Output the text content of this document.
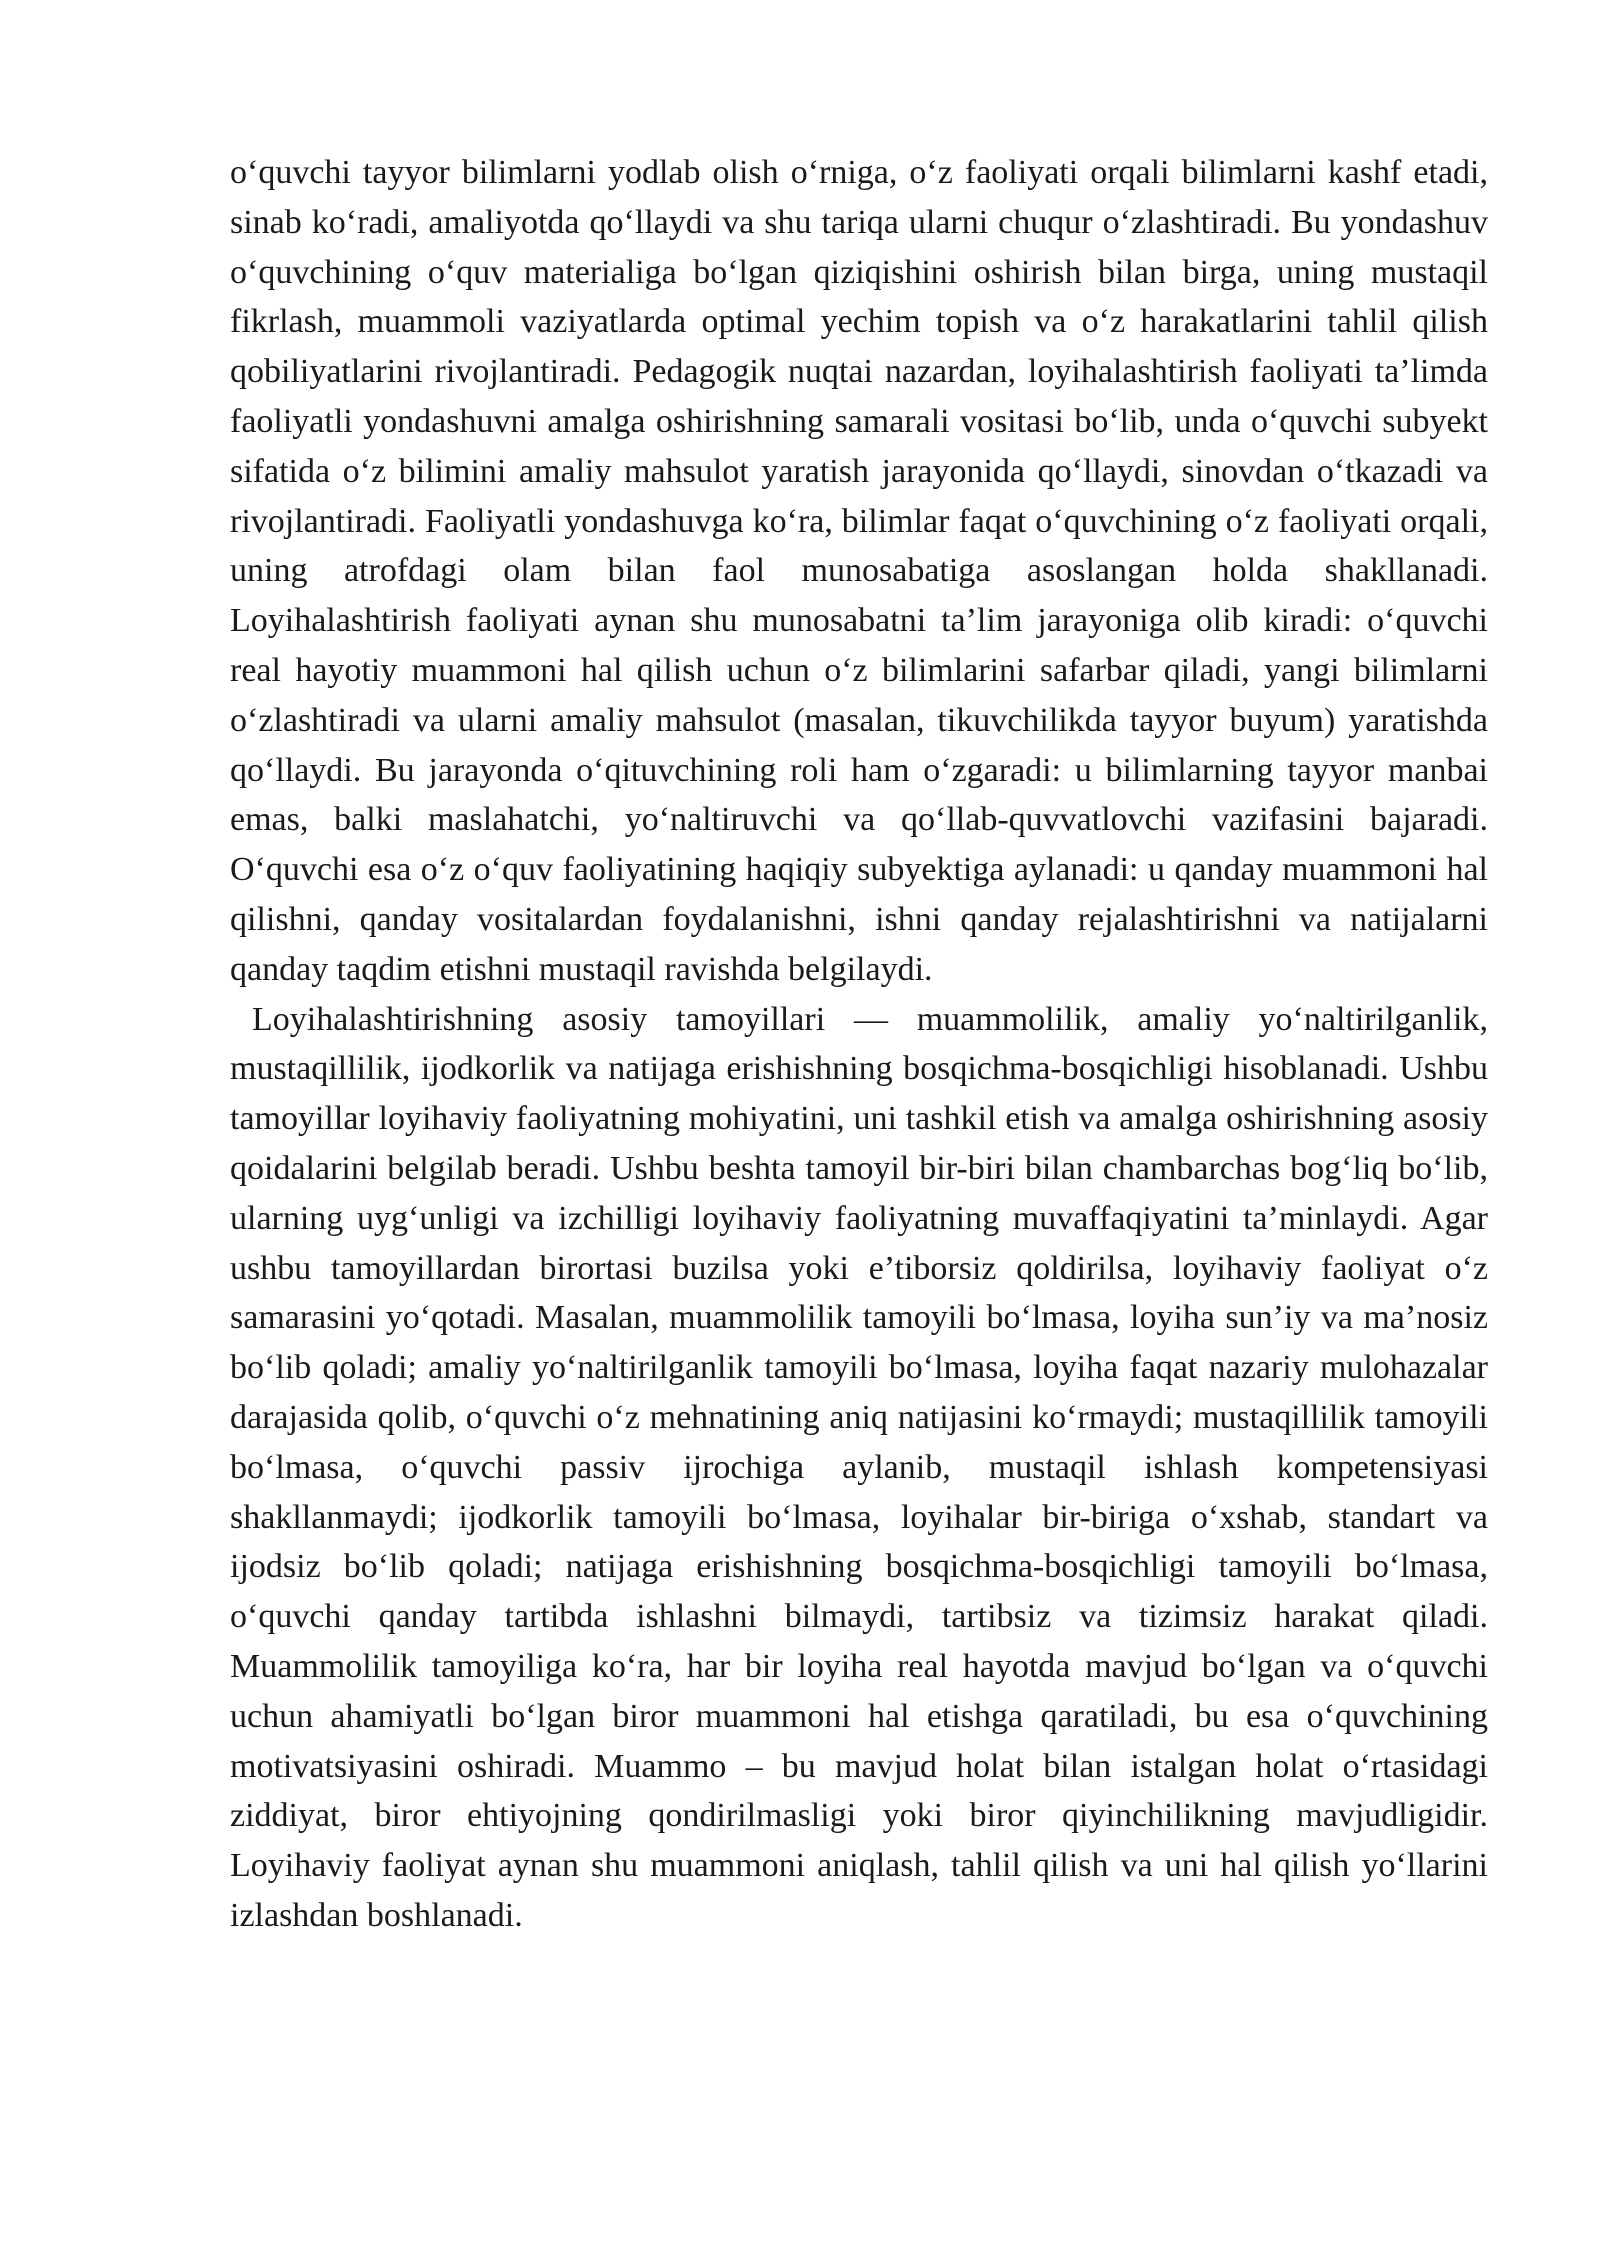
o‘quvchi tayyor bilimlarni yodlab olish o‘rniga, o‘z faoliyati orqali bilimlarni kashf etadi, sinab ko‘radi, amaliyotda qo‘llaydi va shu tariqa ularni chuqur o‘zlashtiradi. Bu yondashuv o‘quvchining o‘quv materialiga bo‘lgan qiziqishini oshirish bilan birga, uning mustaqil fikrlash, muammoli vaziyatlarda optimal yechim topish va o‘z harakatlarini tahlil qilish qobiliyatlarini rivojlantiradi. Pedagogik nuqtai nazardan, loyihalashtirish faoliyati ta’limda faoliyatli yondashuvni amalga oshirishning samarali vositasi bo‘lib, unda o‘quvchi subyekt sifatida o‘z bilimini amaliy mahsulot yaratish jarayonida qo‘llaydi, sinovdan o‘tkazadi va rivojlantiradi. Faoliyatli yondashuvga ko‘ra, bilimlar faqat o‘quvchining o‘z faoliyati orqali, uning atrofdagi olam bilan faol munosabatiga asoslangan holda shakllanadi. Loyihalashtirish faoliyati aynan shu munosabatni ta’lim jarayoniga olib kiradi: o‘quvchi real hayotiy muammoni hal qilish uchun o‘z bilimlarini safarbar qiladi, yangi bilimlarni o‘zlashtiradi va ularni amaliy mahsulot (masalan, tikuvchilikda tayyor buyum) yaratishda qo‘llaydi. Bu jarayonda o‘qituvchining roli ham o‘zgaradi: u bilimlarning tayyor manbai emas, balki maslahatchi, yo‘naltiruvchi va qo‘llab-quvvatlovchi vazifasini bajaradi. O‘quvchi esa o‘z o‘quv faoliyatining haqiqiy subyektiga aylanadi: u qanday muammoni hal qilishni, qanday vositalardan foydalanishni, ishni qanday rejalashtirishni va natijalarni qanday taqdim etishni mustaqil ravishda belgilaydi.

Loyihalashtirishning asosiy tamoyillari — muammolilik, amaliy yo‘naltirilganlik, mustaqillilik, ijodkorlik va natijaga erishishning bosqichma-bosqichligi hisoblanadi. Ushbu tamoyillar loyihaviy faoliyatning mohiyatini, uni tashkil etish va amalga oshirishning asosiy qoidalarini belgilab beradi. Ushbu beshta tamoyil bir-biri bilan chambarchas bog‘liq bo‘lib, ularning uyg‘unligi va izchilligi loyihaviy faoliyatning muvaffaqiyatini ta’minlaydi. Agar ushbu tamoyillardan birortasi buzilsa yoki e’tiborsiz qoldirilsa, loyihaviy faoliyat o‘z samarasini yo‘qotadi. Masalan, muammolilik tamoyili bo‘lmasa, loyiha sun’iy va ma’nosiz bo‘lib qoladi; amaliy yo‘naltirilganlik tamoyili bo‘lmasa, loyiha faqat nazariy mulohazalar darajasida qolib, o‘quvchi o‘z mehnatining aniq natijasini ko‘rmaydi; mustaqillilik tamoyili bo‘lmasa, o‘quvchi passiv ijrochiga aylanib, mustaqil ishlash kompetensiyasi shakllanmaydi; ijodkorlik tamoyili bo‘lmasa, loyihalar bir-biriga o‘xshab, standart va ijodsiz bo‘lib qoladi; natijaga erishishning bosqichma-bosqichligi tamoyili bo‘lmasa, o‘quvchi qanday tartibda ishlashni bilmaydi, tartibsiz va tizimsiz harakat qiladi. Muammolilik tamoyiliga ko‘ra, har bir loyiha real hayotda mavjud bo‘lgan va o‘quvchi uchun ahamiyatli bo‘lgan biror muammoni hal etishga qaratiladi, bu esa o‘quvchining motivatsiyasini oshiradi. Muammo – bu mavjud holat bilan istalgan holat o‘rtasidagi ziddiyat, biror ehtiyojning qondirilmasligi yoki biror qiyinchilikning mavjudligidir. Loyihaviy faoliyat aynan shu muammoni aniqlash, tahlil qilish va uni hal qilish yo‘llarini izlashdan boshlanadi.
